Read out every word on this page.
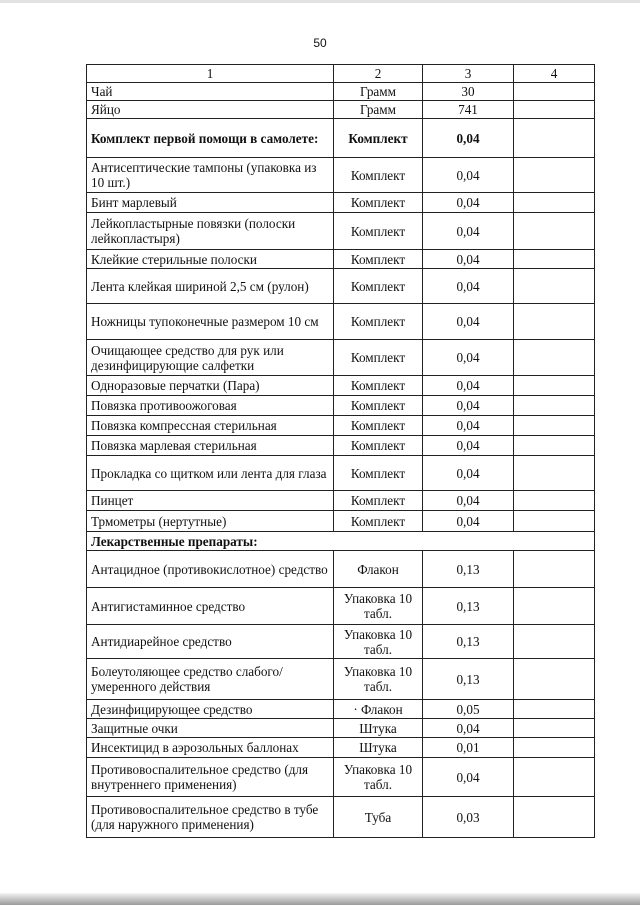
50
1	2	3	4
Чай	Грамм	30	
Яйцо	Грамм	741	
Комплект первой помощи в самолете:	Комплект	0,04	
Антисептические тампоны (упаковка из 10 шт.)	Комплект	0,04	
Бинт марлевый	Комплект	0,04	
Лейкопластырные повязки (полоски лейкопластыря)	Комплект	0,04	
Клейкие стерильные полоски	Комплект	0,04	
Лента клейкая шириной 2,5 см (рулон)	Комплект	0,04	
Ножницы тупоконечные размером 10 см	Комплект	0,04	
Очищающее средство для рук или дезинфицирующие салфетки	Комплект	0,04	
Одноразовые перчатки (Пара)	Комплект	0,04	
Повязка противоожоговая	Комплект	0,04	
Повязка компрессная стерильная	Комплект	0,04	
Повязка марлевая стерильная	Комплект	0,04	
Прокладка со щитком или лента для глаза	Комплект	0,04	
Пинцет	Комплект	0,04	
Трмометры (нертутные)	Комплект	0,04	
Лекарственные препараты:			
Антацидное (противокислотное) средство	Флакон	0,13	
Антигистаминное средство	Упаковка 10 табл.	0,13	
Антидиарейное средство	Упаковка 10 табл.	0,13	
Болеутоляющее средство слабого/умеренного действия	Упаковка 10 табл.	0,13	
Дезинфицирующее средство	· Флакон	0,05	
Защитные очки	Штука	0,04	
Инсектицид в аэрозольных баллонах	Штука	0,01	
Противовоспалительное средство (для внутреннего применения)	Упаковка 10 табл.	0,04	
Противовоспалительное средство в тубе (для наружного применения)	Туба	0,03	
